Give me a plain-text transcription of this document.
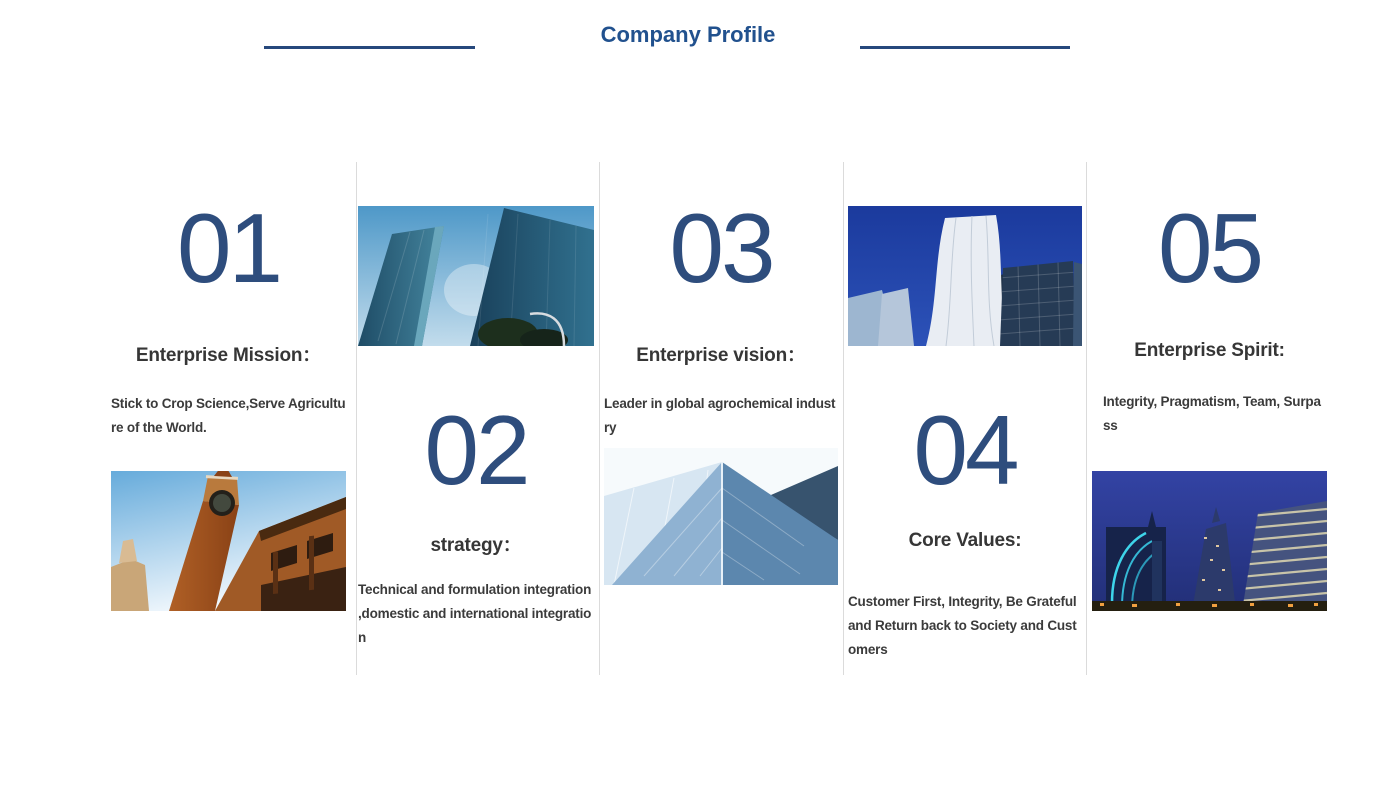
Company Profile
01
Enterprise Mission：

Stick to Crop Science,Serve Agriculture of the World.	02
strategy：

Technical and formulation integration ,domestic and international integration

03
Enterprise vision：

Leader in global agrochemical industry	04
Core Values:

Customer First, Integrity, Be Grateful and Return back to Society and Customers

05
Enterprise Spirit:

Integrity, Pragmatism, Team, Surpass
